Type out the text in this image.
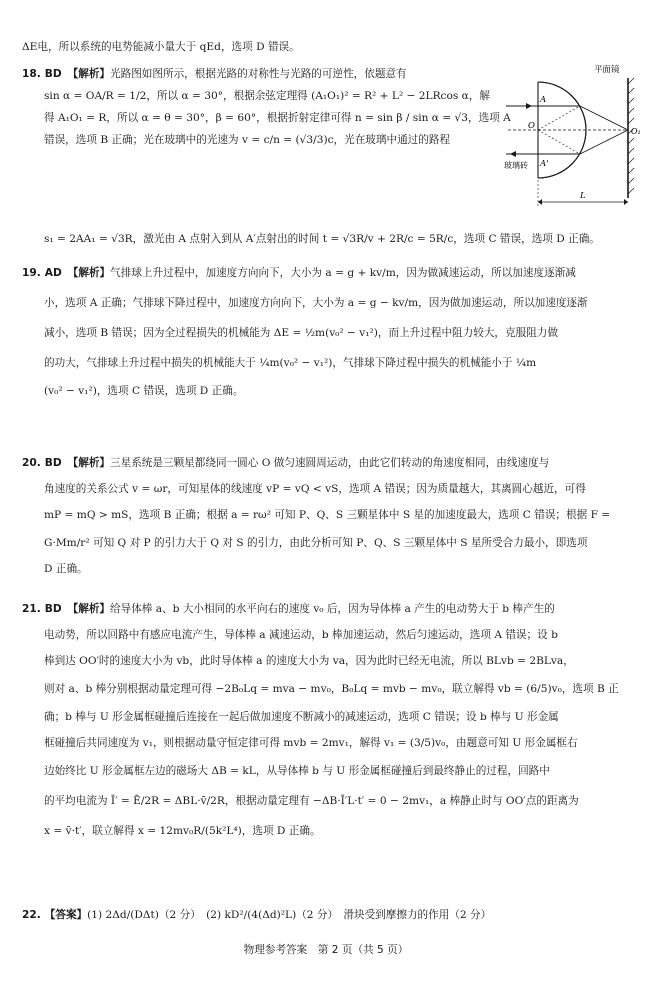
ΔE电，所以系统的电势能减小量大于 qEd，选项 D 错误。
18. BD 【解析】光路图如图所示，根据光路的对称性与光路的可逆性，依题意有
sin α = OA/R = 1/2，所以 α = 30°，根据余弦定理得 (A₁O₁)² = R² + L² − 2LRcos α，解
得 A₁O₁ = R，所以 α = θ = 30°，β = 60°，根据折射定律可得 n = sin β / sin α = √3，选项 A
错误，选项 B 正确；光在玻璃中的光速为 v = c/n = (√3/3)c，光在玻璃中通过的路程
s₁ = 2AA₁ = √3R，激光由 A 点射入到从 A′点射出的时间 t = √3R/v + 2R/c = 5R/c，选项 C 错误，选项 D 正确。
平面镜
玻璃砖
A
O
O₁
A'
L
19. AD 【解析】气排球上升过程中，加速度方向向下，大小为 a = g + kv/m，因为做减速运动，所以加速度逐渐减
小，选项 A 正确；气排球下降过程中，加速度方向向下，大小为 a = g − kv/m，因为做加速运动，所以加速度逐渐
减小，选项 B 错误；因为全过程损失的机械能为 ΔE = ½m(v₀² − v₁²)，而上升过程中阻力较大，克服阻力做
的功大，气排球上升过程中损失的机械能大于 ¼m(v₀² − v₁²)，气排球下降过程中损失的机械能小于 ¼m
(v₀² − v₁²)，选项 C 错误，选项 D 正确。
20. BD 【解析】三星系统是三颗星都绕同一圆心 O 做匀速圆周运动，由此它们转动的角速度相同，由线速度与
角速度的关系公式 v = ωr，可知星体的线速度 vP = vQ < vS，选项 A 错误；因为质量越大，其离圆心越近，可得
mP = mQ > mS，选项 B 正确；根据 a = rω² 可知 P、Q、S 三颗星体中 S 星的加速度最大，选项 C 错误；根据 F =
G·Mm/r² 可知 Q 对 P 的引力大于 Q 对 S 的引力，由此分析可知 P、Q、S 三颗星体中 S 星所受合力最小，即选项
D 正确。
21. BD 【解析】给导体棒 a、b 大小相同的水平向右的速度 v₀ 后，因为导体棒 a 产生的电动势大于 b 棒产生的
电动势，所以回路中有感应电流产生，导体棒 a 减速运动，b 棒加速运动，然后匀速运动，选项 A 错误；设 b
棒到达 OO′时的速度大小为 vb，此时导体棒 a 的速度大小为 va，因为此时已经无电流，所以 BLvb = 2BLva，
则对 a、b 棒分别根据动量定理可得 −2B₀Lq = mva − mv₀，B₀Lq = mvb − mv₀，联立解得 vb = (6/5)v₀，选项 B 正
确；b 棒与 U 形金属框碰撞后连接在一起后做加速度不断减小的减速运动，选项 C 错误；设 b 棒与 U 形金属
框碰撞后共同速度为 v₁，则根据动量守恒定律可得 mvb = 2mv₁，解得 v₁ = (3/5)v₀，由题意可知 U 形金属框右
边始终比 U 形金属框左边的磁场大 ΔB = kL，从导体棒 b 与 U 形金属框碰撞后到最终静止的过程，回路中
的平均电流为 Ī′ = Ē/2R = ΔBL·v̄/2R，根据动量定理有 −ΔB·Ī′L·t′ = 0 − 2mv₁，a 棒静止时与 OO′点的距离为
x = v̄·t′，联立解得 x = 12mv₀R/(5k²L⁴)，选项 D 正确。
22. 【答案】(1) 2Δd/(DΔt)（2 分）　(2) kD²/(4(Δd)²L)（2 分）　滑块受到摩擦力的作用（2 分）
物理参考答案　第 2 页（共 5 页）
